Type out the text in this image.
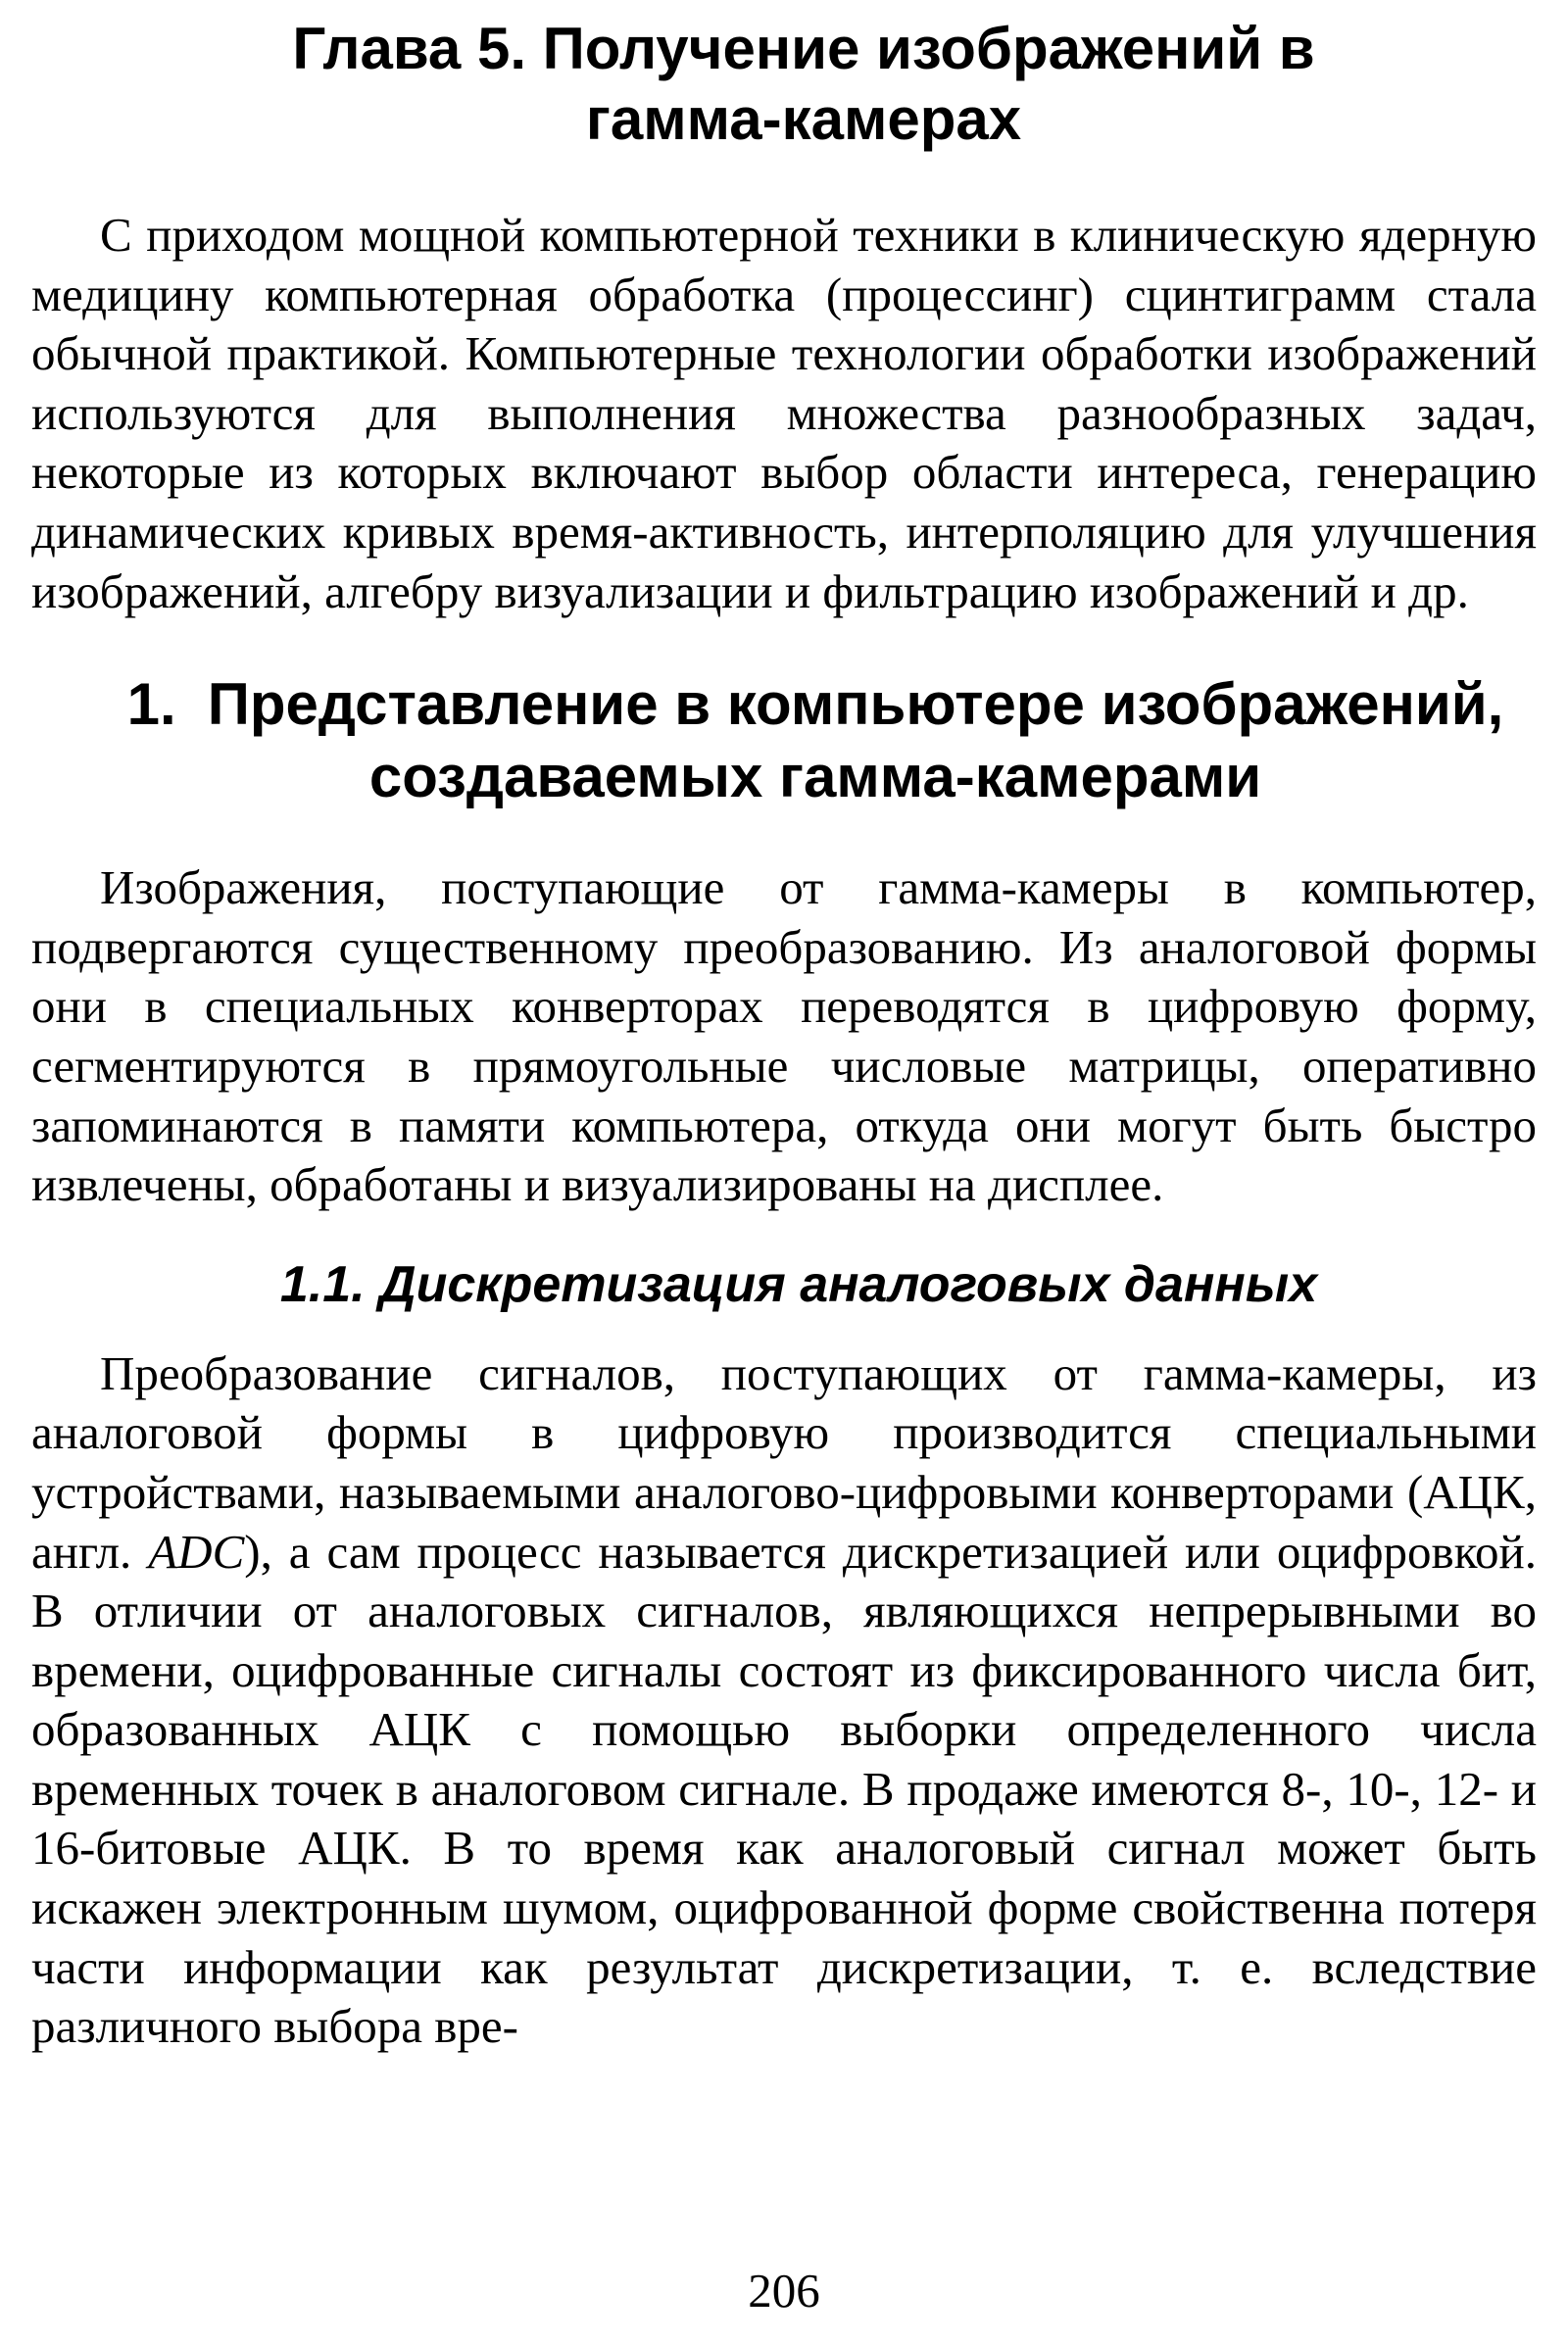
Глава 5. Получение изображений в гамма-камерах

С приходом мощной компьютерной техники в клиническую ядерную медицину компьютерная обработка (процессинг) сцинтиграмм стала обычной практикой. Компьютерные технологии обработки изображений используются для выполнения множества разнообразных задач, некоторые из которых включают выбор области интереса, генерацию динамических кривых время-активность, интерполяцию для улучшения изображений, алгебру визуализации и фильтрацию изображений и др.

1. Представление в компьютере изображений, создаваемых гамма-камерами

Изображения, поступающие от гамма-камеры в компьютер, подвергаются существенному преобразованию. Из аналоговой формы они в специальных конверторах переводятся в цифровую форму, сегментируются в прямоугольные числовые матрицы, оперативно запоминаются в памяти компьютера, откуда они могут быть быстро извлечены, обработаны и визуализированы на дисплее.

1.1. Дискретизация аналоговых данных

Преобразование сигналов, поступающих от гамма-камеры, из аналоговой формы в цифровую производится специальными устройствами, называемыми аналогово-цифровыми конверторами (АЦК, англ. ADC), а сам процесс называется дискретизацией или оцифровкой. В отличии от аналоговых сигналов, являющихся непрерывными во времени, оцифрованные сигналы состоят из фиксированного числа бит, образованных АЦК с помощью выборки определенного числа временных точек в аналоговом сигнале. В продаже имеются 8-, 10-, 12- и 16-битовые АЦК. В то время как аналоговый сигнал может быть искажен электронным шумом, оцифрованной форме свойственна потеря части информации как результат дискретизации, т. е. вследствие различного выбора вре-

206
